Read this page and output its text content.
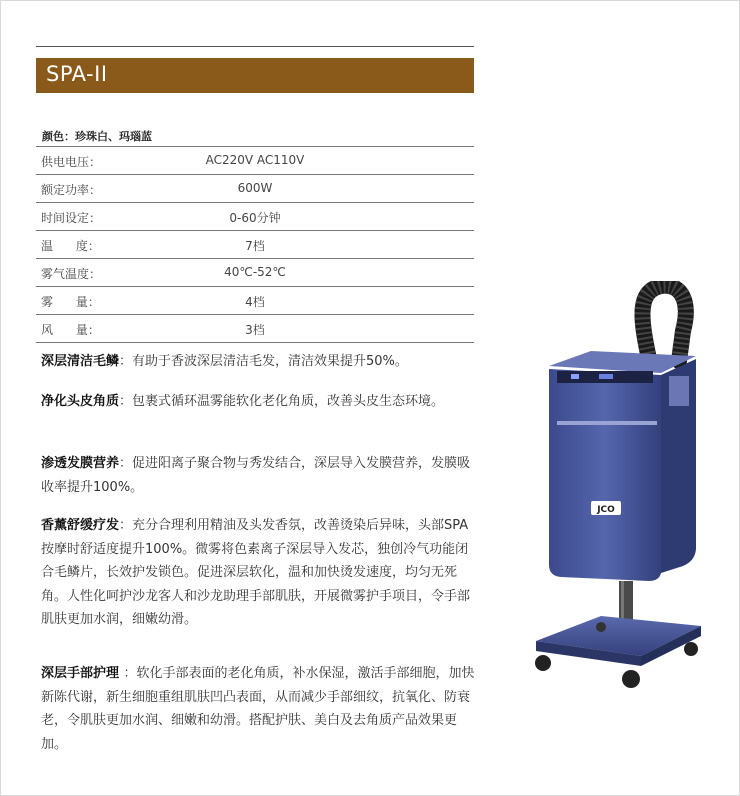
SPA-II
颜色：珍珠白、玛瑙蓝
供电电压：	AC220V AC110V
额定功率：	600W
时间设定：	0-60分钟
温      度：	7档
雾气温度：	40℃-52℃
雾      量：	4档
风      量：	3档

深层清洁毛鳞：有助于香波深层清洁毛发，清洁效果提升50%。

净化头皮角质：包裹式循环温雾能软化老化角质，改善头皮生态环境。

渗透发膜营养：促进阳离子聚合物与秀发结合，深层导入发膜营养，发膜吸收率提升100%。

香薰舒缓疗发：充分合理利用精油及头发香氛，改善烫染后异味，头部SPA按摩时舒适度提升100%。微雾将色素离子深层导入发芯，独创冷气功能闭合毛鳞片，长效护发锁色。促进深层软化，温和加快烫发速度，均匀无死角。人性化呵护沙龙客人和沙龙助理手部肌肤，开展微雾护手项目，令手部肌肤更加水润，细嫩幼滑。

深层手部护理 ：软化手部表面的老化角质，补水保湿，激活手部细胞，加快新陈代谢，新生细胞重组肌肤凹凸表面，从而减少手部细纹，抗氧化、防衰老，令肌肤更加水润、细嫩和幼滑。搭配护肤、美白及去角质产品效果更加。

JCO
